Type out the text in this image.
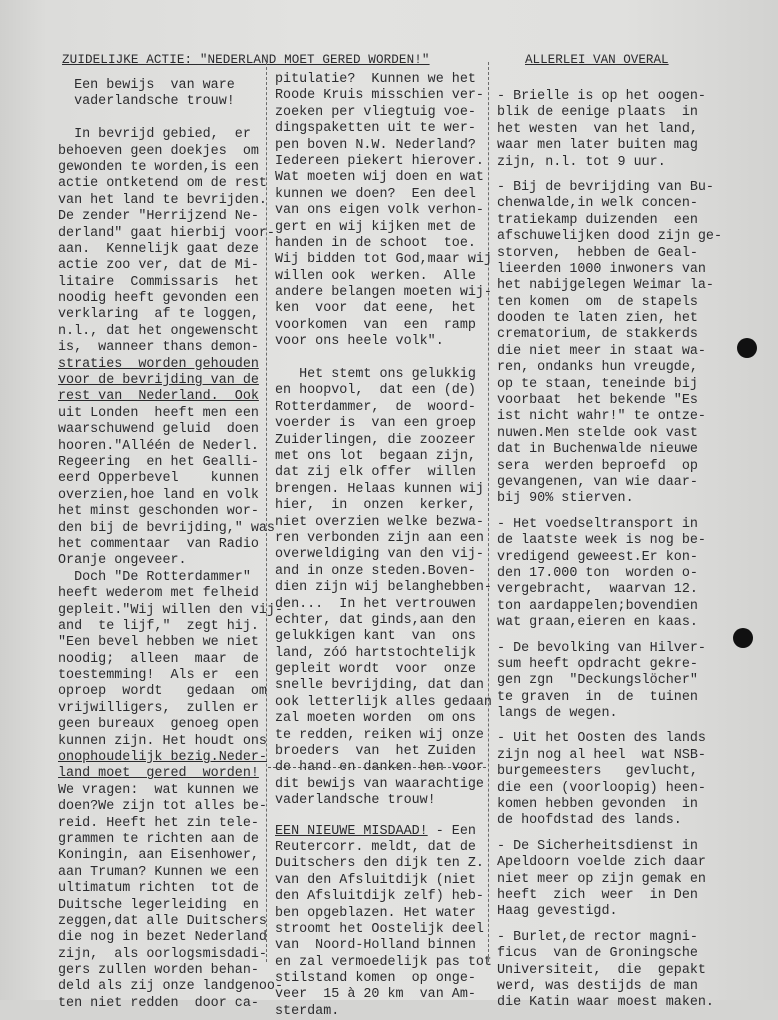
ZUIDELIJKE ACTIE: "NEDERLAND MOET GERED WORDEN!"	ALLERLEI VAN OVERAL
Een bewijs  van ware
vaderlandsche trouw!
In bevrijd gebied,  er
behoeven geen doekjes  om
gewonden te worden,is een
actie ontketend om de rest
van het land te bevrijden.
De zender "Herrijzend Ne-
derland" gaat hierbij voor-
aan.  Kennelijk gaat deze
actie zoo ver, dat de Mi-
litaire  Commissaris  het
noodig heeft gevonden een
verklaring  af te loggen,
n.l., dat het ongewenscht
is,  wanneer thans demon-
straties  worden gehouden
voor de bevrijding van de
rest van  Nederland.  Ook
uit Londen  heeft men een
waarschuwend geluid  doen
hooren."Alléén de Nederl.
Regeering  en het Gealli-
eerd Opperbevel    kunnen
overzien,hoe land en volk
het minst geschonden wor-
den bij de bevrijding," was
het commentaar  van Radio
Oranje ongeveer.
Doch "De Rotterdammer"
heeft wederom met felheid
gepleit."Wij willen den vij-
and  te lijf,"  zegt hij.
"Een bevel hebben we niet
noodig;  alleen  maar  de
toestemming!  Als er  een
oproep  wordt   gedaan  om
vrijwilligers,  zullen er
geen bureaux  genoeg open
kunnen zijn. Het houdt ons
onophoudelijk bezig.Neder-
land moet  gered  worden!
We vragen:  wat kunnen we
doen?We zijn tot alles be-
reid. Heeft het zin tele-
grammen te richten aan de
Koningin, aan Eisenhower,
aan Truman? Kunnen we een
ultimatum richten  tot de
Duitsche legerleiding  en
zeggen,dat alle Duitschers
die nog in bezet Nederland
zijn,  als oorlogsmisdadi-
gers zullen worden behan-
deld als zij onze landgenoo-
ten niet redden  door ca-
pitulatie?  Kunnen we het
Roode Kruis misschien ver-
zoeken per vliegtuig voe-
dingspaketten uit te wer-
pen boven N.W. Nederland?
Iedereen piekert hierover.
Wat moeten wij doen en wat
kunnen we doen?  Een deel
van ons eigen volk verhon-
gert en wij kijken met de
handen in de schoot  toe.
Wij bidden tot God,maar wij
willen ook  werken.  Alle
andere belangen moeten wij-
ken  voor  dat eene,  het
voorkomen  van  een  ramp
voor ons heele volk".
Het stemt ons gelukkig
en hoopvol,  dat een (de)
Rotterdammer,  de  woord-
voerder is  van een groep
Zuiderlingen, die zoozeer
met ons lot  begaan zijn,
dat zij elk offer  willen
brengen. Helaas kunnen wij
hier,  in  onzen  kerker,
niet overzien welke bezwa-
ren verbonden zijn aan een
overweldiging van den vij-
and in onze steden.Boven-
dien zijn wij belanghebben-
den...  In het vertrouwen
echter, dat ginds,aan den
gelukkigen kant  van  ons
land, zóó hartstochtelijk
gepleit wordt  voor  onze
snelle bevrijding, dat dan
ook letterlijk alles gedaan
zal moeten worden  om ons
te redden, reiken wij onze
broeders  van  het Zuiden
de hand en danken hen voor
dit bewijs van waarachtige
vaderlandsche trouw!
EEN NIEUWE MISDAAD! - Een
Reutercorr. meldt, dat de
Duitschers den dijk ten Z.
van den Afsluitdijk (niet
den Afsluitdijk zelf) heb-
ben opgeblazen. Het water
stroomt het Oostelijk deel
van  Noord-Holland binnen
en zal vermoedelijk pas tot
stilstand komen  op onge-
veer  15 à 20 km  van Am-
sterdam.
- Brielle is op het oogen-
blik de eenige plaats  in
het westen  van het land,
waar men later buiten mag
zijn, n.l. tot 9 uur.
- Bij de bevrijding van Bu-
chenwalde,in welk concen-
tratiekamp duizenden  een
afschuwelijken dood zijn ge-
storven,  hebben de Geal-
lieerden 1000 inwoners van
het nabijgelegen Weimar la-
ten komen  om  de stapels
dooden te laten zien, het
crematorium, de stakkerds
die niet meer in staat wa-
ren, ondanks hun vreugde,
op te staan, teneinde bij
voorbaat  het bekende "Es
ist nicht wahr!" te ontze-
nuwen.Men stelde ook vast
dat in Buchenwalde nieuwe
sera  werden beproefd  op
gevangenen, van wie daar-
bij 90% stierven.
- Het voedseltransport in
de laatste week is nog be-
vredigend geweest.Er kon-
den 17.000 ton  worden o-
vergebracht,  waarvan 12.
ton aardappelen;bovendien
wat graan,eieren en kaas.
- De bevolking van Hilver-
sum heeft opdracht gekre-
gen zgn  "Deckungslöcher"
te graven  in  de  tuinen
langs de wegen.
- Uit het Oosten des lands
zijn nog al heel  wat NSB-
burgemeesters   gevlucht,
die een (voorloopig) heen-
komen hebben gevonden  in
de hoofdstad des lands.
- De Sicherheitsdienst in
Apeldoorn voelde zich daar
niet meer op zijn gemak en
heeft  zich  weer  in Den
Haag gevestigd.
- Burlet,de rector magni-
ficus  van de Groningsche
Universiteit,  die  gepakt
werd, was destijds de man
die Katin waar moest maken.
